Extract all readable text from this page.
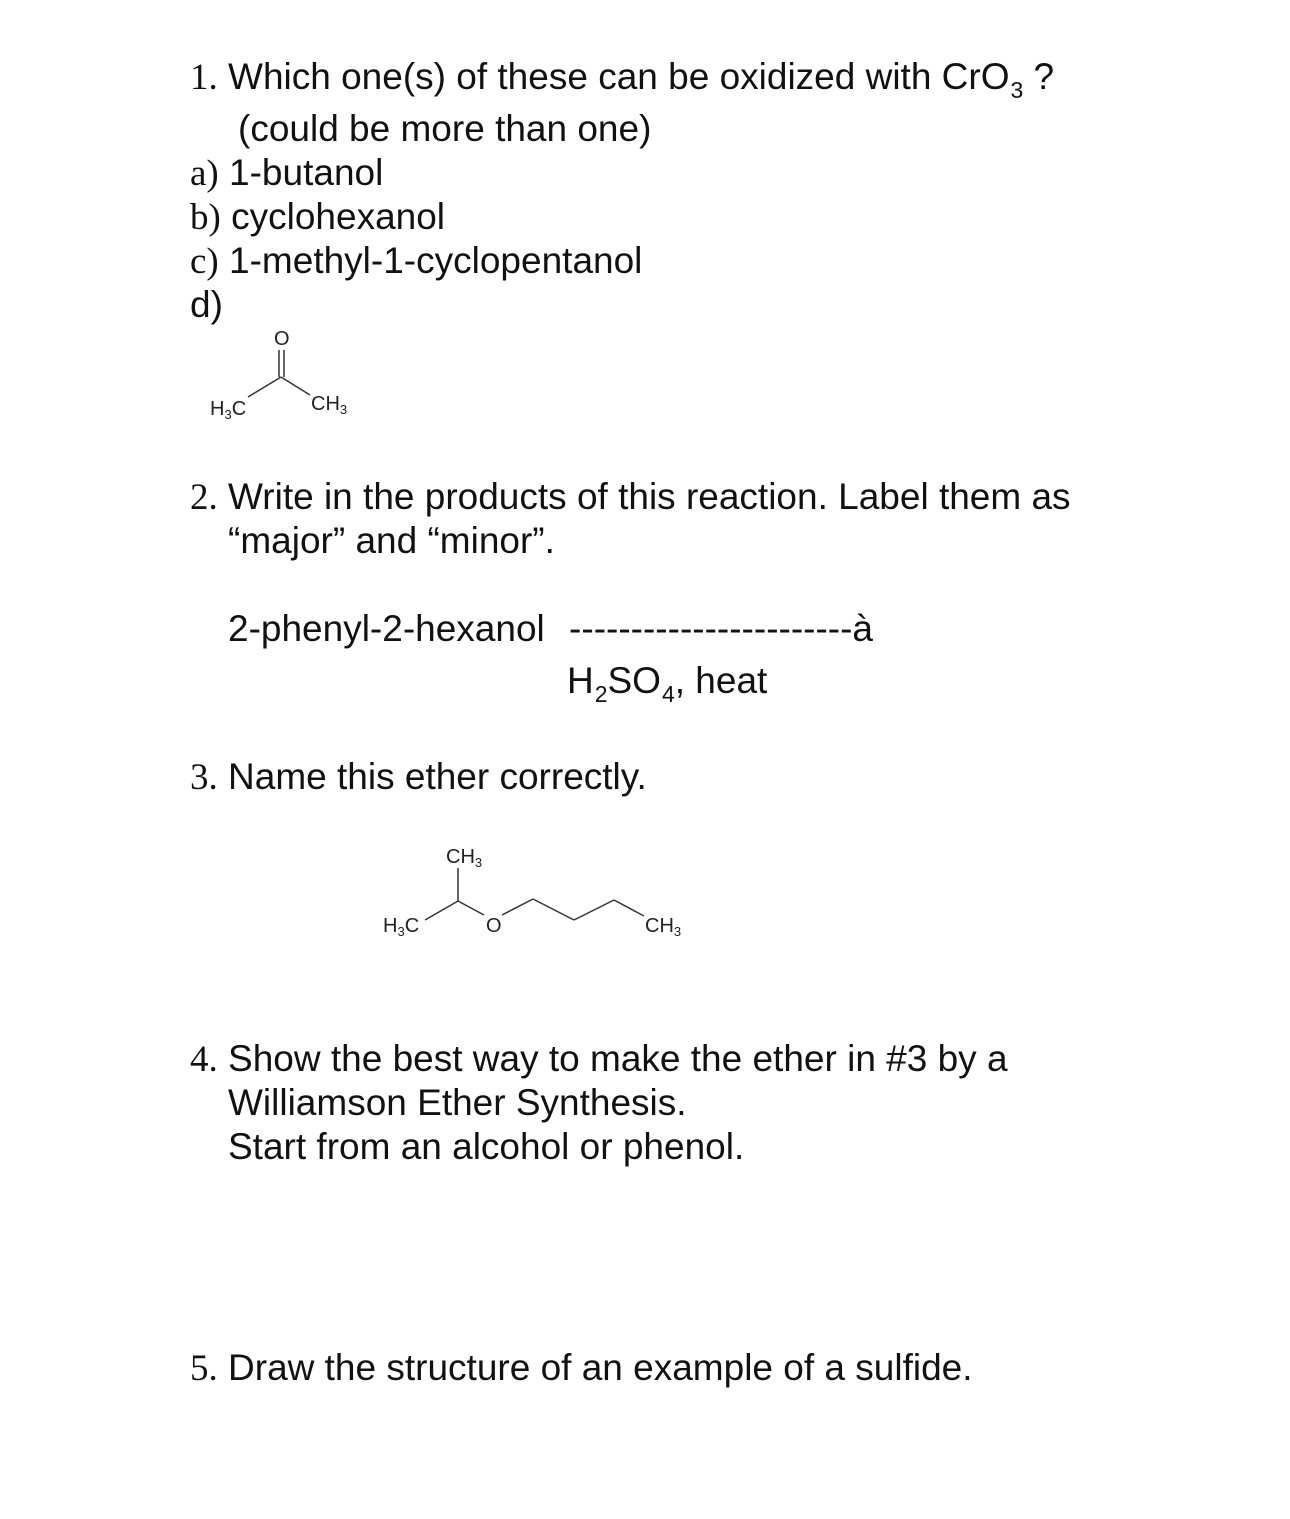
1. Which one(s) of these can be oxidized with CrO$_3$ ?
(could be more than one)
a) 1-butanol
b) cyclohexanol
c) 1-methyl-1-cyclopentanol
d)
O
$H_3C$	$CH_3$
2. Write in the products of this reaction. Label them as
“major” and “minor”.
2-phenyl-2-hexanol -----------------------à
$H_2SO_4$, heat
3. Name this ether correctly.
$CH_3$
$H_3C$	O	$CH_3$
4. Show the best way to make the ether in #3 by a
Williamson Ether Synthesis.
Start from an alcohol or phenol.
5. Draw the structure of an example of a sulfide.
